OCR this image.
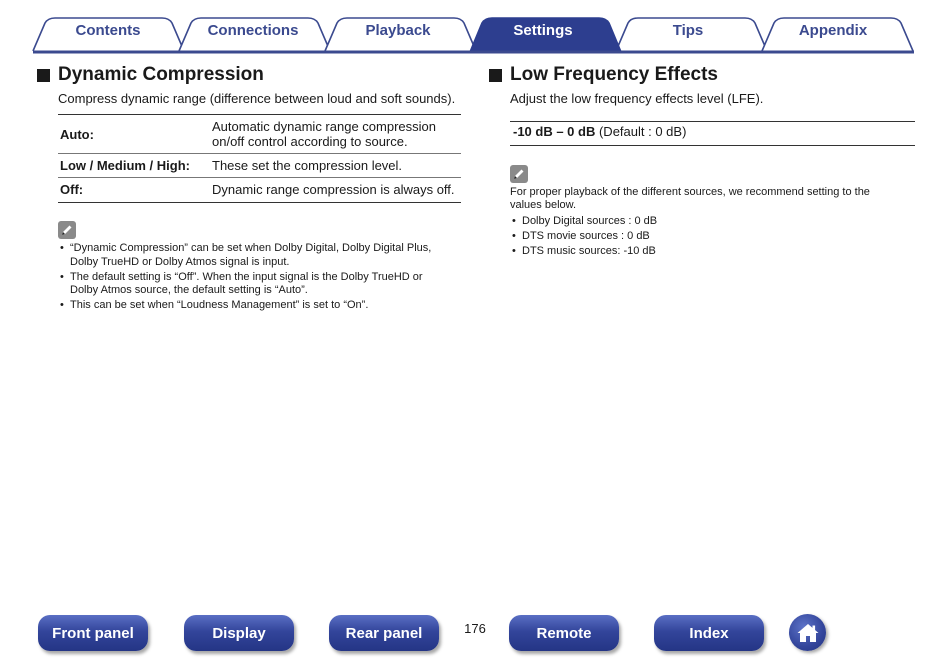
Contents	Connections	Playback	Settings	Tips	Appendix
Dynamic Compression
Compress dynamic range (difference between loud and soft sounds).
Auto:	Automatic dynamic range compression
on/off control according to source.
Low / Medium / High:	These set the compression level.
Off:	Dynamic range compression is always off.
• “Dynamic Compression” can be set when Dolby Digital, Dolby Digital Plus,
Dolby TrueHD or Dolby Atmos signal is input.
• The default setting is “Off”. When the input signal is the Dolby TrueHD or
Dolby Atmos source, the default setting is “Auto”.
• This can be set when “Loudness Management” is set to “On”.
Low Frequency Effects
Adjust the low frequency effects level (LFE).
-10 dB – 0 dB (Default : 0 dB)
For proper playback of the different sources, we recommend setting to the
values below.
• Dolby Digital sources : 0 dB
• DTS movie sources : 0 dB
• DTS music sources: -10 dB
Front panel	Display	Rear panel	176	Remote	Index
